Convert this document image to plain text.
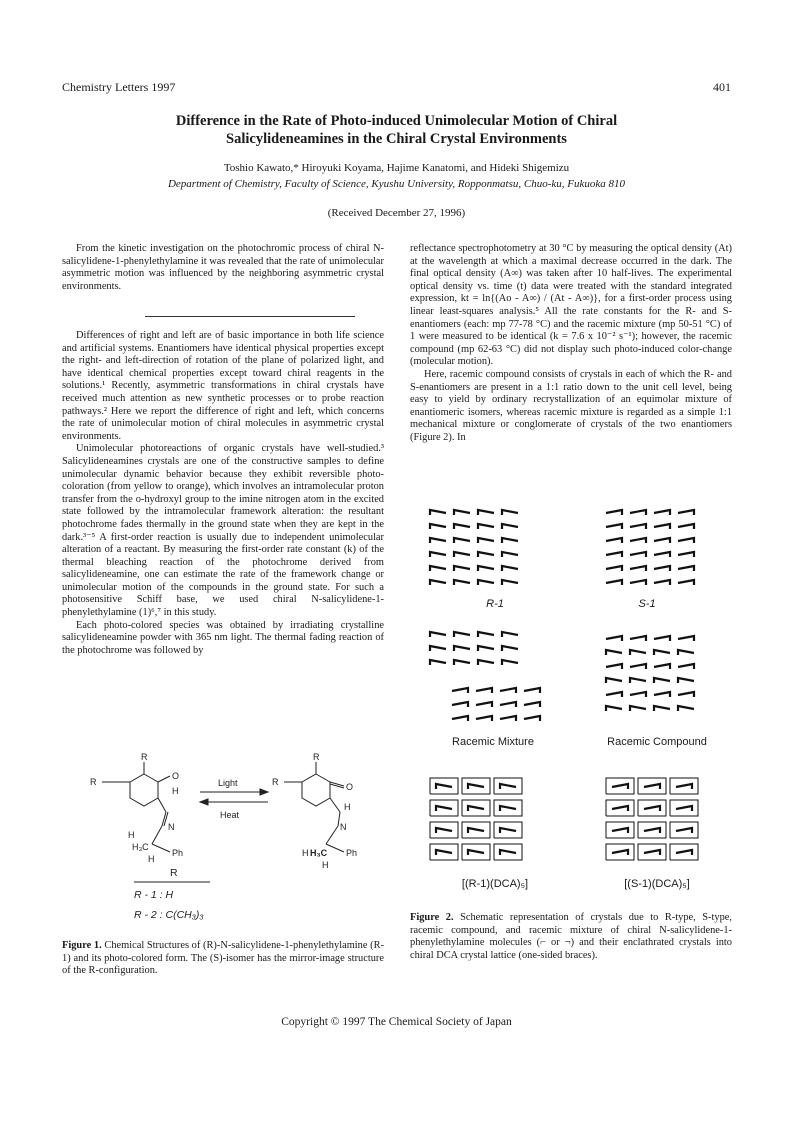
Chemistry Letters 1997	401
Difference in the Rate of Photo-induced Unimolecular Motion of Chiral
Salicylideneamines in the Chiral Crystal Environments
Toshio Kawato,* Hiroyuki Koyama, Hajime Kanatomi, and Hideki Shigemizu
Department of Chemistry, Faculty of Science, Kyushu University, Ropponmatsu, Chuo-ku, Fukuoka 810
(Received December 27, 1996)

From the kinetic investigation on the photochromic process of chiral N-salicylidene-1-phenylethylamine it was revealed that the rate of unimolecular asymmetric motion was influenced by the neighboring asymmetric crystal environments.

Differences of right and left are of basic importance in both life science and artificial systems. Enantiomers have identical physical properties except the right- and left-direction of rotation of the plane of polarized light, and have identical chemical properties except toward chiral reagents in the solutions.¹ Recently, asymmetric transformations in chiral crystals have received much attention as new synthetic processes or to probe reaction pathways.² Here we report the difference of right and left, which concerns the rate of unimolecular motion of chiral molecules in asymmetric crystal environments.

Unimolecular photoreactions of organic crystals have well-studied.³ Salicylideneamines crystals are one of the constructive samples to define unimolecular dynamic behavior because they exhibit reversible photo-coloration (from yellow to orange), which involves an intramolecular proton transfer from the o-hydroxyl group to the imine nitrogen atom in the excited state followed by the intramolecular framework alteration: the resultant photochrome fades thermally in the ground state when they are kept in the dark.³⁻⁵ A first-order reaction is usually due to independent unimolecular alteration of a reactant. By measuring the first-order rate constant (k) of the thermal bleaching reaction of the photochrome derived from salicylideneamine, one can estimate the rate of the framework change or unimolecular motion of the compounds in the ground state. For such a photosensitive Schiff base, we used chiral N-salicylidene-1-phenylethylamine (1)⁶,⁷ in this study.

Each photo-colored species was obtained by irradiating crystalline salicylideneamine powder with 365 nm light. The thermal fading reaction of the photochrome was followed by

R
R
O
H
N
H
H₃C
Ph
H
Light
Heat
R
R	O
H
N
H H₃C Ph
H
R
R - 1 : H
R - 2 : C(CH₃)₃
Figure 1. Chemical Structures of (R)-N-salicylidene-1-phenylethylamine (R-1) and its photo-colored form. The (S)-isomer has the mirror-image structure of the R-configuration.

reflectance spectrophotometry at 30 °C by measuring the optical density (At) at the wavelength at which a maximal decrease occurred in the dark. The final optical density (A∞) was taken after 10 half-lives. The experimental optical density vs. time (t) data were treated with the standard integrated expression, kt = ln{(Ao - A∞) / (At - A∞)}, for a first-order process using linear least-squares analysis.⁵ All the rate constants for the R- and S-enantiomers (each: mp 77-78 °C) and the racemic mixture (mp 50-51 °C) of 1 were measured to be identical (k = 7.6 x 10⁻² s⁻¹); however, the racemic compound (mp 62-63 °C) did not display such photo-induced color-change (molecular motion).

Here, racemic compound consists of crystals in each of which the R- and S-enantiomers are present in a 1:1 ratio down to the unit cell level, being easy to yield by ordinary recrystallization of an equimolar mixture of enantiomeric isomers, whereas racemic mixture is regarded as a simple 1:1 mechanical mixture or conglomerate of crystals of the two enantiomers (Figure 2). In

R-1	S-1
Racemic Mixture	Racemic Compound
[(R-1)(DCA)₅]	[(S-1)(DCA)₅]
Figure 2. Schematic representation of crystals due to R-type, S-type, racemic compound, and racemic mixture of chiral N-salicylidene-1-phenylethylamine molecules (⌐ or ¬) and their enclathrated crystals into chiral DCA crystal lattice (one-sided braces).
Copyright © 1997 The Chemical Society of Japan
